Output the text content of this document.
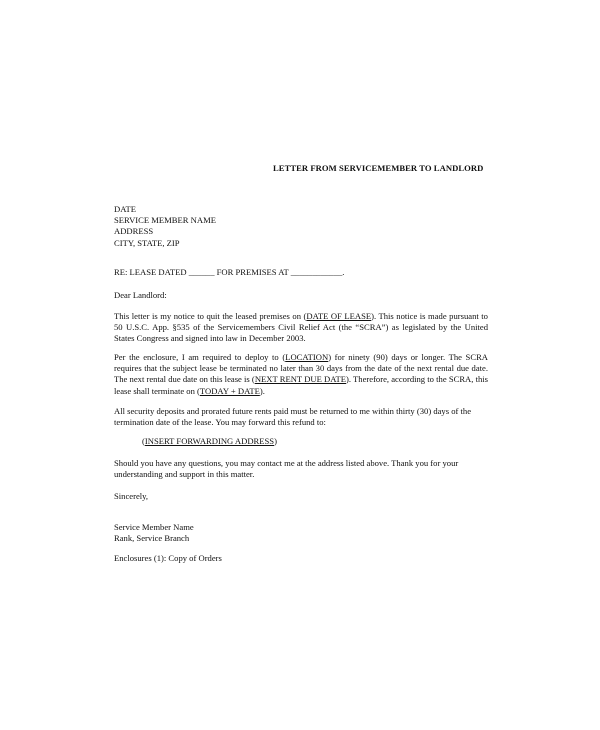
LETTER FROM SERVICEMEMBER TO LANDLORD
DATE
SERVICE MEMBER NAME
ADDRESS
CITY, STATE, ZIP
RE: LEASE DATED ______ FOR PREMISES AT ____________.
Dear Landlord:
This letter is my notice to quit the leased premises on (DATE OF LEASE). This notice is made pursuant to 50 U.S.C. App. §535 of the Servicemembers Civil Relief Act (the “SCRA”) as legislated by the United States Congress and signed into law in December 2003.
Per the enclosure, I am required to deploy to (LOCATION) for ninety (90) days or longer. The SCRA requires that the subject lease be terminated no later than 30 days from the date of the next rental due date. The next rental due date on this lease is (NEXT RENT DUE DATE). Therefore, according to the SCRA, this lease shall terminate on (TODAY + DATE).
All security deposits and prorated future rents paid must be returned to me within thirty (30) days of the termination date of the lease. You may forward this refund to:
(INSERT FORWARDING ADDRESS)
Should you have any questions, you may contact me at the address listed above. Thank you for your understanding and support in this matter.
Sincerely,
Service Member Name
Rank, Service Branch
Enclosures (1): Copy of Orders
